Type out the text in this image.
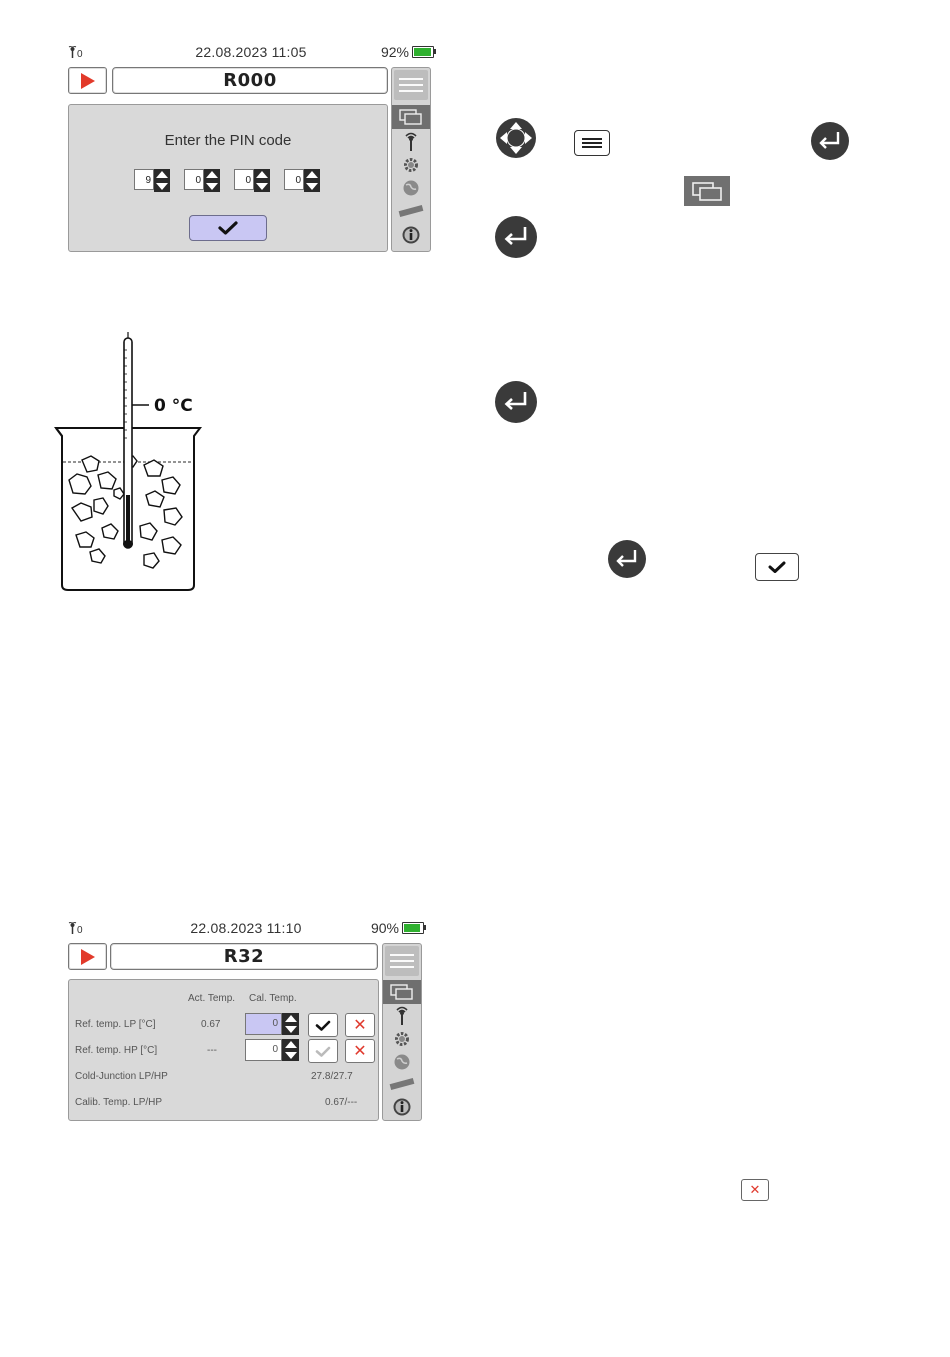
0	22.08.2023 11:05	92%
R000
Enter the PIN code
9	0	0	0
0 °C
0	22.08.2023 11:10	90%
R32
Act. Temp. Cal. Temp.
Ref. temp. LP [°C]	0.67	0	✕
Ref. temp. HP [°C]	---	0	✕
Cold-Junction LP/HP	27.8/27.7
Calib. Temp. LP/HP	0.67/---
✕
